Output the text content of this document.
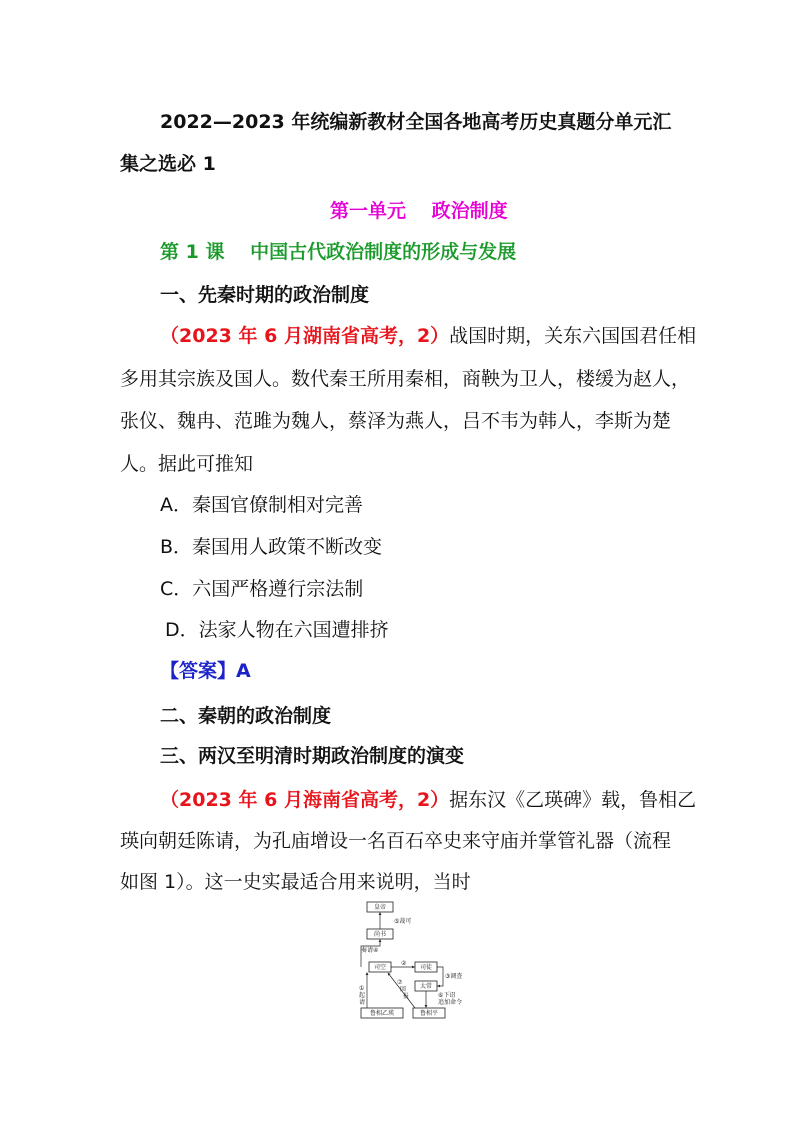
2022—2023 年统编新教材全国各地高考历史真题分单元汇
集之选必 1
第一单元　 政治制度
第 1 课　 中国古代政治制度的形成与发展
一、先秦时期的政治制度
（2023 年 6 月湖南省高考，2）战国时期，关东六国国君任相
多用其宗族及国人。数代秦王所用秦相，商鞅为卫人，楼缓为赵人，
张仪、魏冉、范雎为魏人，蔡泽为燕人，吕不韦为韩人，李斯为楚
人。据此可推知
A．秦国官僚制相对完善
B．秦国用人政策不断改变
C．六国严格遵行宗法制
D．法家人物在六国遭排挤
【答案】A
二、秦朝的政治制度
三、两汉至明清时期政治制度的演变
（2023 年 6 月海南省高考，2）据东汉《乙瑛碑》载，鲁相乙
瑛向朝廷陈请，为孔庙增设一名百石卒史来守庙并掌管礼器（流程
如图 1）。这一史实最适合用来说明，当时
皇帝
尚书
司空	司徒
太常
鲁相乙瑛	鲁相平
⑤裁可
奏请④
②
③调查
⑥下诏
追加命令
①
起
请
⑦
回
报
